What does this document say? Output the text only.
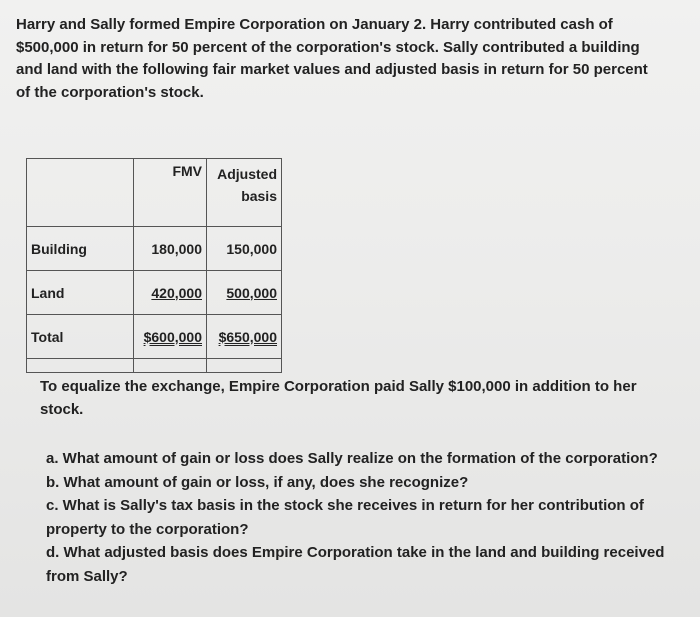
Harry and Sally formed Empire Corporation on January 2. Harry contributed cash of $500,000 in return for 50 percent of the corporation's stock. Sally contributed a building and land with the following fair market values and adjusted basis in return for 50 percent of the corporation's stock.

	FMV	Adjusted
basis
Building	180,000	150,000
Land	420,000	500,000
Total	$600,000	$650,000

To equalize the exchange, Empire Corporation paid Sally $100,000 in addition to her stock.

a. What amount of gain or loss does Sally realize on the formation of the corporation?
b. What amount of gain or loss, if any, does she recognize?
c. What is Sally's tax basis in the stock she receives in return for her contribution of property to the corporation?
d. What adjusted basis does Empire Corporation take in the land and building received from Sally?
